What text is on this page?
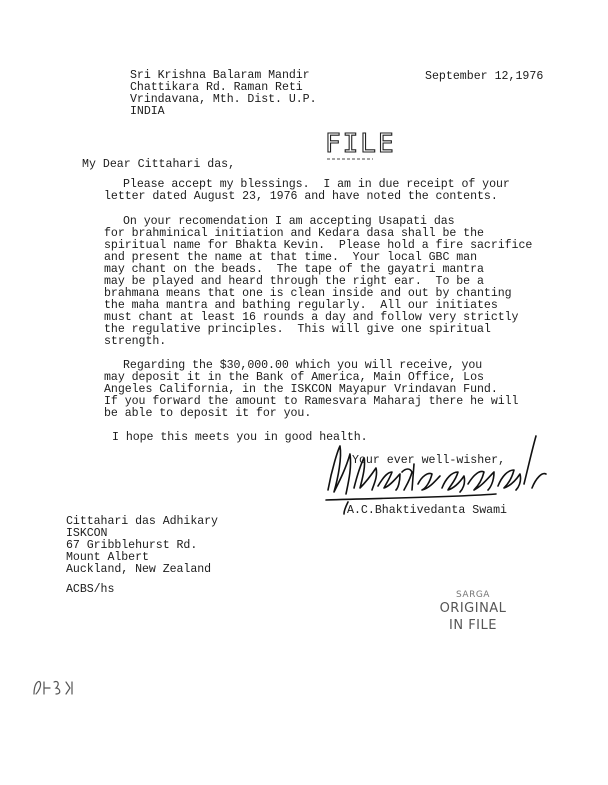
September 12,1976
Sri Krishna Balaram Mandir
Chattikara Rd. Raman Reti
Vrindavana, Mth. Dist. U.P.
INDIA
FILE
My Dear Cittahari das,
Please accept my blessings.  I am in due receipt of your
letter dated August 23, 1976 and have noted the contents.
On your recomendation I am accepting Usapati das
for brahminical initiation and Kedara dasa shall be the
spiritual name for Bhakta Kevin.  Please hold a fire sacrifice
and present the name at that time.  Your local GBC man
may chant on the beads.  The tape of the gayatri mantra
may be played and heard through the right ear.  To be a
brahmana means that one is clean inside and out by chanting
the maha mantra and bathing regularly.  All our initiates
must chant at least 16 rounds a day and follow very strictly
the regulative principles.  This will give one spiritual
strength.
Regarding the $30,000.00 which you will receive, you
may deposit it in the Bank of America, Main Office, Los
Angeles California, in the ISKCON Mayapur Vrindavan Fund.
If you forward the amount to Ramesvara Maharaj there he will
be able to deposit it for you.
I hope this meets you in good health.
Your ever well-wisher,
A.C.Bhaktivedanta Swami
Cittahari das Adhikary
ISKCON
67 Gribblehurst Rd.
Mount Albert
Auckland, New Zealand
ACBS/hs	SARGA
ORIGINAL
IN FILE
